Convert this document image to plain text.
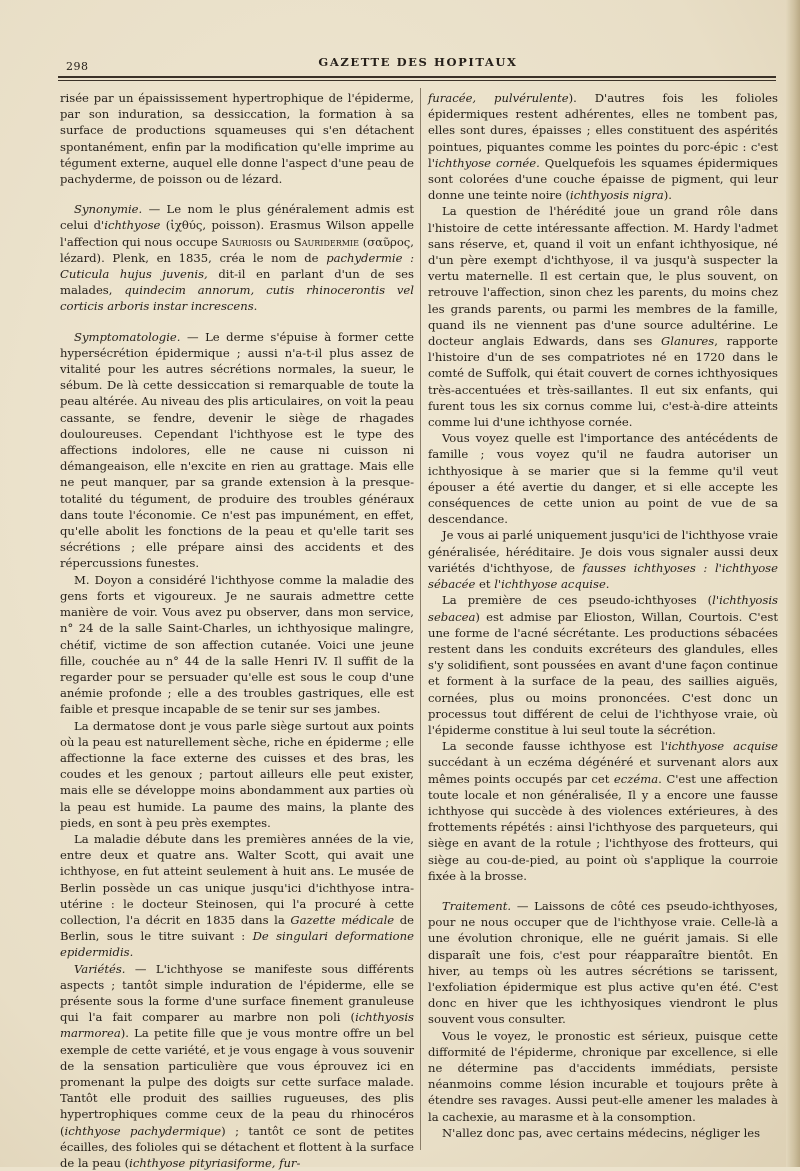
298	GAZETTE DES HOPITAUX

risée par un épaississement hypertrophique de l'épiderme, par son induration, sa dessiccation, la formation à sa surface de productions squameuses qui s'en détachent spontanément, enfin par la modification qu'elle imprime au tégument externe, auquel elle donne l'aspect d'une peau de pachyderme, de poisson ou de lézard.

Synonymie. — Le nom le plus généralement admis est celui d'ichthyose (ἰχθύς, poisson). Erasmus Wilson appelle l'affection qui nous occupe Sauriosis ou Sauridermie (σαῦρος, lézard). Plenk, en 1835, créa le nom de pachydermie : Cuticula hujus juvenis, dit-il en parlant d'un de ses malades, quindecim annorum, cutis rhinocerontis vel corticis arboris instar increscens.

Symptomatologie. — Le derme s'épuise à former cette hypersécrétion épidermique ; aussi n'a-t-il plus assez de vitalité pour les autres sécrétions normales, la sueur, le sébum. De là cette dessiccation si remarquable de toute la peau altérée. Au niveau des plis articulaires, on voit la peau cassante, se fendre, devenir le siège de rhagades douloureuses. Cependant l'ichthyose est le type des affections indolores, elle ne cause ni cuisson ni démangeaison, elle n'excite en rien au grattage. Mais elle ne peut manquer, par sa grande extension à la presque-totalité du tégument, de produire des troubles généraux dans toute l'économie. Ce n'est pas impunément, en effet, qu'elle abolit les fonctions de la peau et qu'elle tarit ses sécrétions ; elle prépare ainsi des accidents et des répercussions funestes.

M. Doyon a considéré l'ichthyose comme la maladie des gens forts et vigoureux. Je ne saurais admettre cette manière de voir. Vous avez pu observer, dans mon service, n° 24 de la salle Saint-Charles, un ichthyosique malingre, chétif, victime de son affection cutanée. Voici une jeune fille, couchée au n° 44 de la salle Henri IV. Il suffit de la regarder pour se persuader qu'elle est sous le coup d'une anémie profonde ; elle a des troubles gastriques, elle est faible et presque incapable de se tenir sur ses jambes.

La dermatose dont je vous parle siège surtout aux points où la peau est naturellement sèche, riche en épiderme ; elle affectionne la face externe des cuisses et des bras, les coudes et les genoux ; partout ailleurs elle peut exister, mais elle se développe moins abondamment aux parties où la peau est humide. La paume des mains, la plante des pieds, en sont à peu près exemptes.

La maladie débute dans les premières années de la vie, entre deux et quatre ans. Walter Scott, qui avait une ichthyose, en fut atteint seulement à huit ans. Le musée de Berlin possède un cas unique jusqu'ici d'ichthyose intra-utérine : le docteur Steinosen, qui l'a procuré à cette collection, l'a décrit en 1835 dans la Gazette médicale de Berlin, sous le titre suivant : De singulari deformatione epidermidis.

Variétés. — L'ichthyose se manifeste sous différents aspects ; tantôt simple induration de l'épiderme, elle se présente sous la forme d'une surface finement granuleuse qui l'a fait comparer au marbre non poli (ichthyosis marmorea). La petite fille que je vous montre offre un bel exemple de cette variété, et je vous engage à vous souvenir de la sensation particulière que vous éprouvez ici en promenant la pulpe des doigts sur cette surface malade. Tantôt elle produit des saillies rugueuses, des plis hypertrophiques comme ceux de la peau du rhinocéros (ichthyose pachydermique) ; tantôt ce sont de petites écailles, des folioles qui se détachent et flottent à la surface de la peau (ichthyose pityriasiforme, fur-

furacée, pulvérulente). D'autres fois les folioles épidermiques restent adhérentes, elles ne tombent pas, elles sont dures, épaisses ; elles constituent des aspérités pointues, piquantes comme les pointes du porc-épic : c'est l'ichthyose cornée. Quelquefois les squames épidermiques sont colorées d'une couche épaisse de pigment, qui leur donne une teinte noire (ichthyosis nigra).

La question de l'hérédité joue un grand rôle dans l'histoire de cette intéressante affection. M. Hardy l'admet sans réserve, et, quand il voit un enfant ichthyosique, né d'un père exempt d'ichthyose, il va jusqu'à suspecter la vertu maternelle. Il est certain que, le plus souvent, on retrouve l'affection, sinon chez les parents, du moins chez les grands parents, ou parmi les membres de la famille, quand ils ne viennent pas d'une source adultérine. Le docteur anglais Edwards, dans ses Glanures, rapporte l'histoire d'un de ses compatriotes né en 1720 dans le comté de Suffolk, qui était couvert de cornes ichthyosiques très-accentuées et très-saillantes. Il eut six enfants, qui furent tous les six cornus comme lui, c'est-à-dire atteints comme lui d'une ichthyose cornée.

Vous voyez quelle est l'importance des antécédents de famille ; vous voyez qu'il ne faudra autoriser un ichthyosique à se marier que si la femme qu'il veut épouser a été avertie du danger, et si elle accepte les conséquences de cette union au point de vue de sa descendance.

Je vous ai parlé uniquement jusqu'ici de l'ichthyose vraie généralisée, héréditaire. Je dois vous signaler aussi deux variétés d'ichthyose, de fausses ichthyoses : l'ichthyose sébacée et l'ichthyose acquise.

La première de ces pseudo-ichthyoses (l'ichthyosis sebacea) est admise par Elioston, Willan, Courtois. C'est une forme de l'acné sécrétante. Les productions sébacées restent dans les conduits excréteurs des glandules, elles s'y solidifient, sont poussées en avant d'une façon continue et forment à la surface de la peau, des saillies aiguës, cornées, plus ou moins prononcées. C'est donc un processus tout différent de celui de l'ichthyose vraie, où l'épiderme constitue à lui seul toute la sécrétion.

La seconde fausse ichthyose est l'ichthyose acquise succédant à un eczéma dégénéré et survenant alors aux mêmes points occupés par cet eczéma. C'est une affection toute locale et non généralisée, Il y a encore une fausse ichthyose qui succède à des violences extérieures, à des frottements répétés : ainsi l'ichthyose des parqueteurs, qui siège en avant de la rotule ; l'ichthyose des frotteurs, qui siège au cou-de-pied, au point où s'applique la courroie fixée à la brosse.

Traitement. — Laissons de côté ces pseudo-ichthyoses, pour ne nous occuper que de l'ichthyose vraie. Celle-là a une évolution chronique, elle ne guérit jamais. Si elle disparaît une fois, c'est pour réapparaître bientôt. En hiver, au temps où les autres sécrétions se tarissent, l'exfoliation épidermique est plus active qu'en été. C'est donc en hiver que les ichthyosiques viendront le plus souvent vous consulter.

Vous le voyez, le pronostic est sérieux, puisque cette difformité de l'épiderme, chronique par excellence, si elle ne détermine pas d'accidents immédiats, persiste néanmoins comme lésion incurable et toujours prête à étendre ses ravages. Aussi peut-elle amener les malades à la cachexie, au marasme et à la consomption.

N'allez donc pas, avec certains médecins, négliger les
